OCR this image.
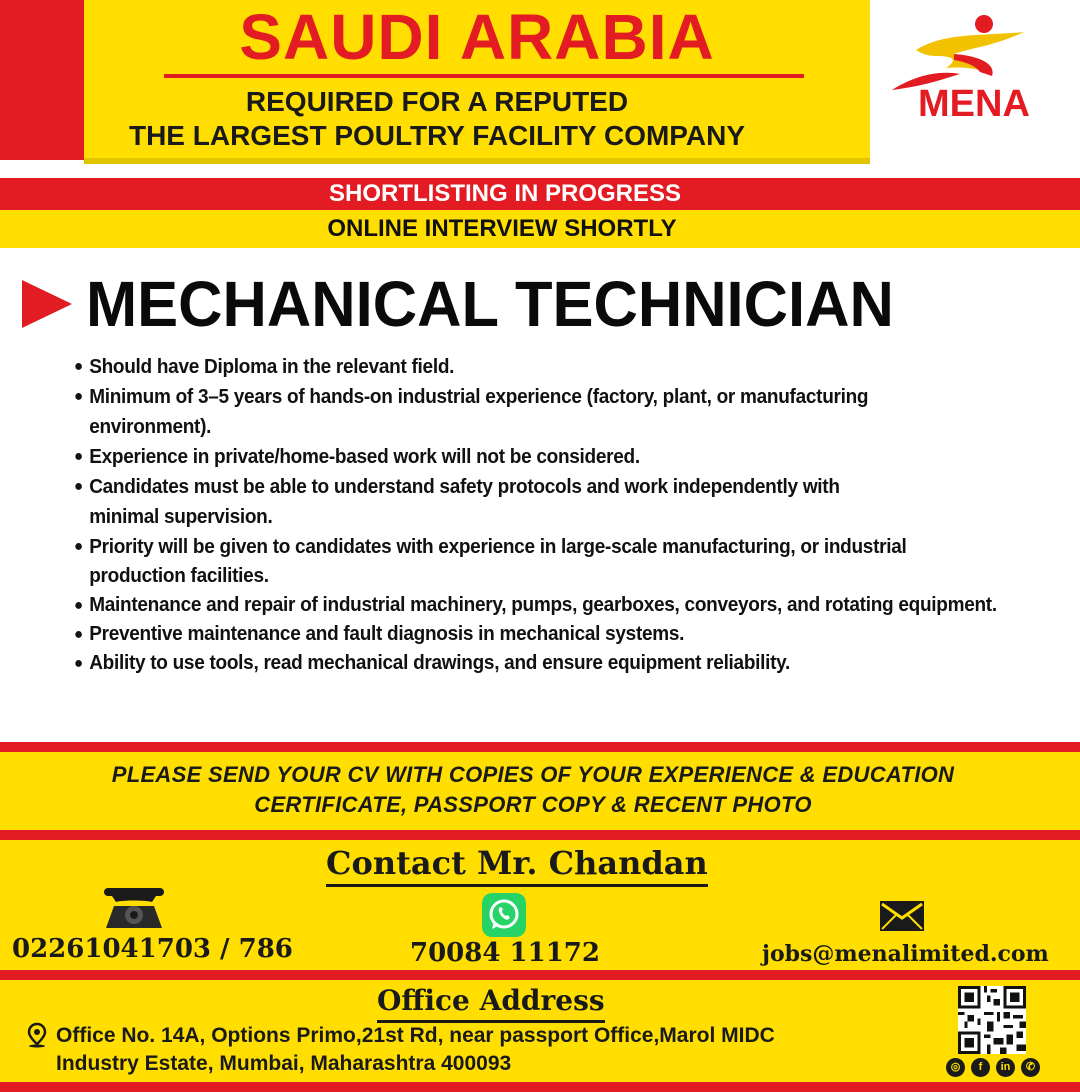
SAUDI ARABIA
REQUIRED FOR A REPUTED
THE LARGEST POULTRY FACILITY COMPANY
MENA
SHORTLISTING IN PROGRESS
ONLINE INTERVIEW SHORTLY
MECHANICAL TECHNICIAN
● Should have Diploma in the relevant field.
● Minimum of 3–5 years of hands-on industrial experience (factory, plant, or manufacturing
environment).
● Experience in private/home-based work will not be considered.
● Candidates must be able to understand safety protocols and work independently with
minimal supervision.
● Priority will be given to candidates with experience in large-scale manufacturing, or industrial
production facilities.
● Maintenance and repair of industrial machinery, pumps, gearboxes, conveyors, and rotating equipment.
● Preventive maintenance and fault diagnosis in mechanical systems.
● Ability to use tools, read mechanical drawings, and ensure equipment reliability.
PLEASE SEND YOUR CV WITH COPIES OF YOUR EXPERIENCE & EDUCATION
CERTIFICATE, PASSPORT COPY & RECENT PHOTO
Contact Mr. Chandan
02261041703 / 786	70084 11172	jobs@menalimited.com
Office Address
Office No. 14A, Options Primo,21st Rd, near passport Office,Marol MIDC
Industry Estate, Mumbai, Maharashtra 400093	◎	f	in	✆
